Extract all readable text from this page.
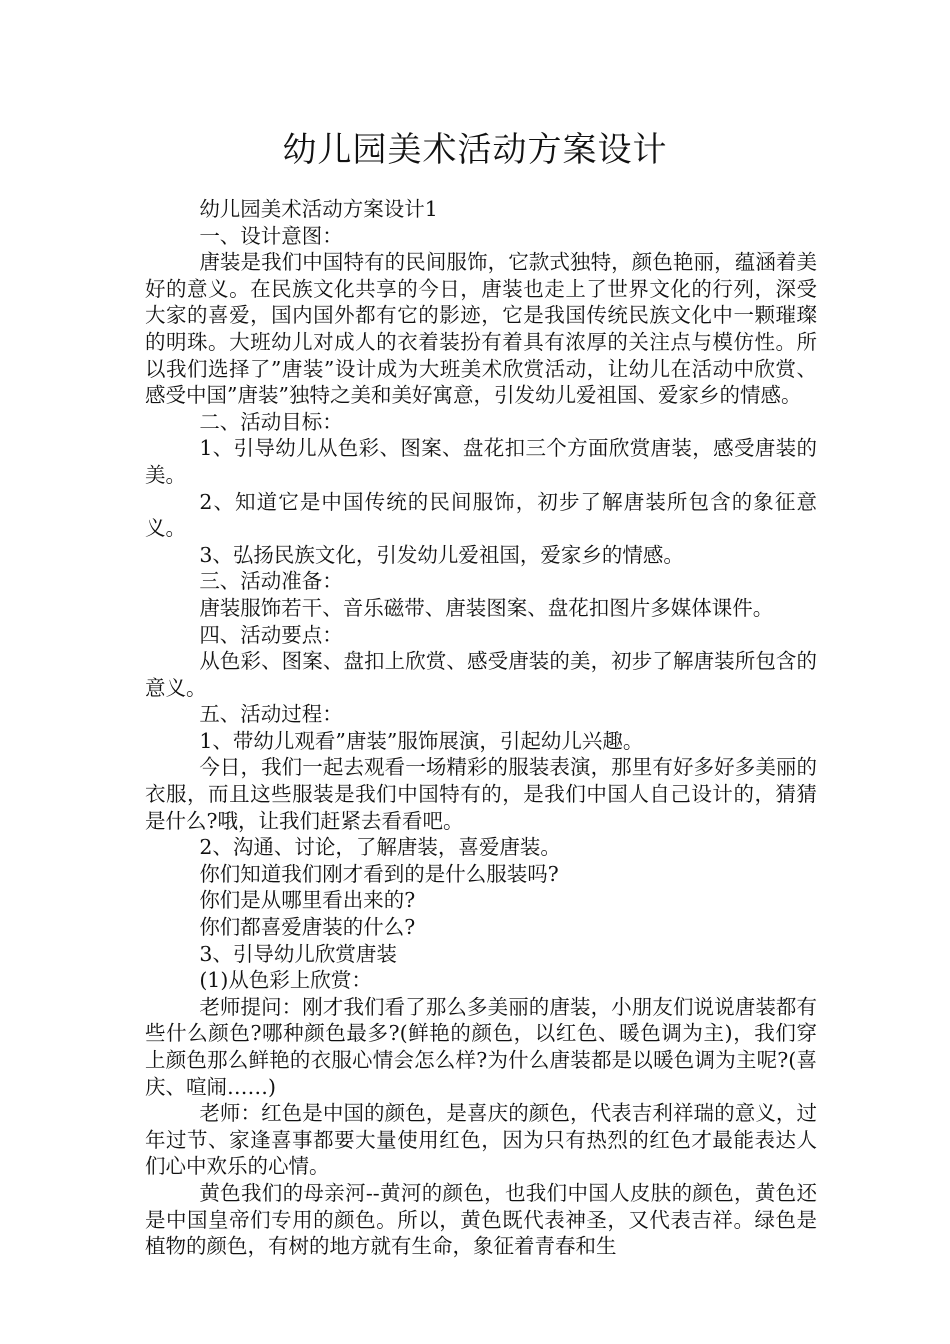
幼儿园美术活动方案设计

幼儿园美术活动方案设计1

一、设计意图：

唐装是我们中国特有的民间服饰，它款式独特，颜色艳丽，蕴涵着美好的意义。在民族文化共享的今日，唐装也走上了世界文化的行列，深受大家的喜爱，国内国外都有它的影迹，它是我国传统民族文化中一颗璀璨的明珠。大班幼儿对成人的衣着装扮有着具有浓厚的关注点与模仿性。所以我们选择了”唐装”设计成为大班美术欣赏活动，让幼儿在活动中欣赏、感受中国”唐装”独特之美和美好寓意，引发幼儿爱祖国、爱家乡的情感。

二、活动目标：

1、引导幼儿从色彩、图案、盘花扣三个方面欣赏唐装，感受唐装的美。

2、知道它是中国传统的民间服饰，初步了解唐装所包含的象征意义。

3、弘扬民族文化，引发幼儿爱祖国，爱家乡的情感。

三、活动准备：

唐装服饰若干、音乐磁带、唐装图案、盘花扣图片多媒体课件。

四、活动要点：

从色彩、图案、盘扣上欣赏、感受唐装的美，初步了解唐装所包含的意义。

五、活动过程：

1、带幼儿观看”唐装”服饰展演，引起幼儿兴趣。

今日，我们一起去观看一场精彩的服装表演，那里有好多好多美丽的衣服，而且这些服装是我们中国特有的，是我们中国人自己设计的，猜猜是什么?哦，让我们赶紧去看看吧。

2、沟通、讨论，了解唐装，喜爱唐装。

你们知道我们刚才看到的是什么服装吗?

你们是从哪里看出来的?

你们都喜爱唐装的什么?

3、引导幼儿欣赏唐装

(1)从色彩上欣赏：

老师提问：刚才我们看了那么多美丽的唐装，小朋友们说说唐装都有些什么颜色?哪种颜色最多?(鲜艳的颜色，以红色、暖色调为主)，我们穿上颜色那么鲜艳的衣服心情会怎么样?为什么唐装都是以暖色调为主呢?(喜庆、喧闹……)

老师：红色是中国的颜色，是喜庆的颜色，代表吉利祥瑞的意义，过年过节、家逢喜事都要大量使用红色，因为只有热烈的红色才最能表达人们心中欢乐的心情。

黄色我们的母亲河--黄河的颜色，也我们中国人皮肤的颜色，黄色还是中国皇帝们专用的颜色。所以，黄色既代表神圣，又代表吉祥。绿色是植物的颜色，有树的地方就有生命，象征着青春和生
